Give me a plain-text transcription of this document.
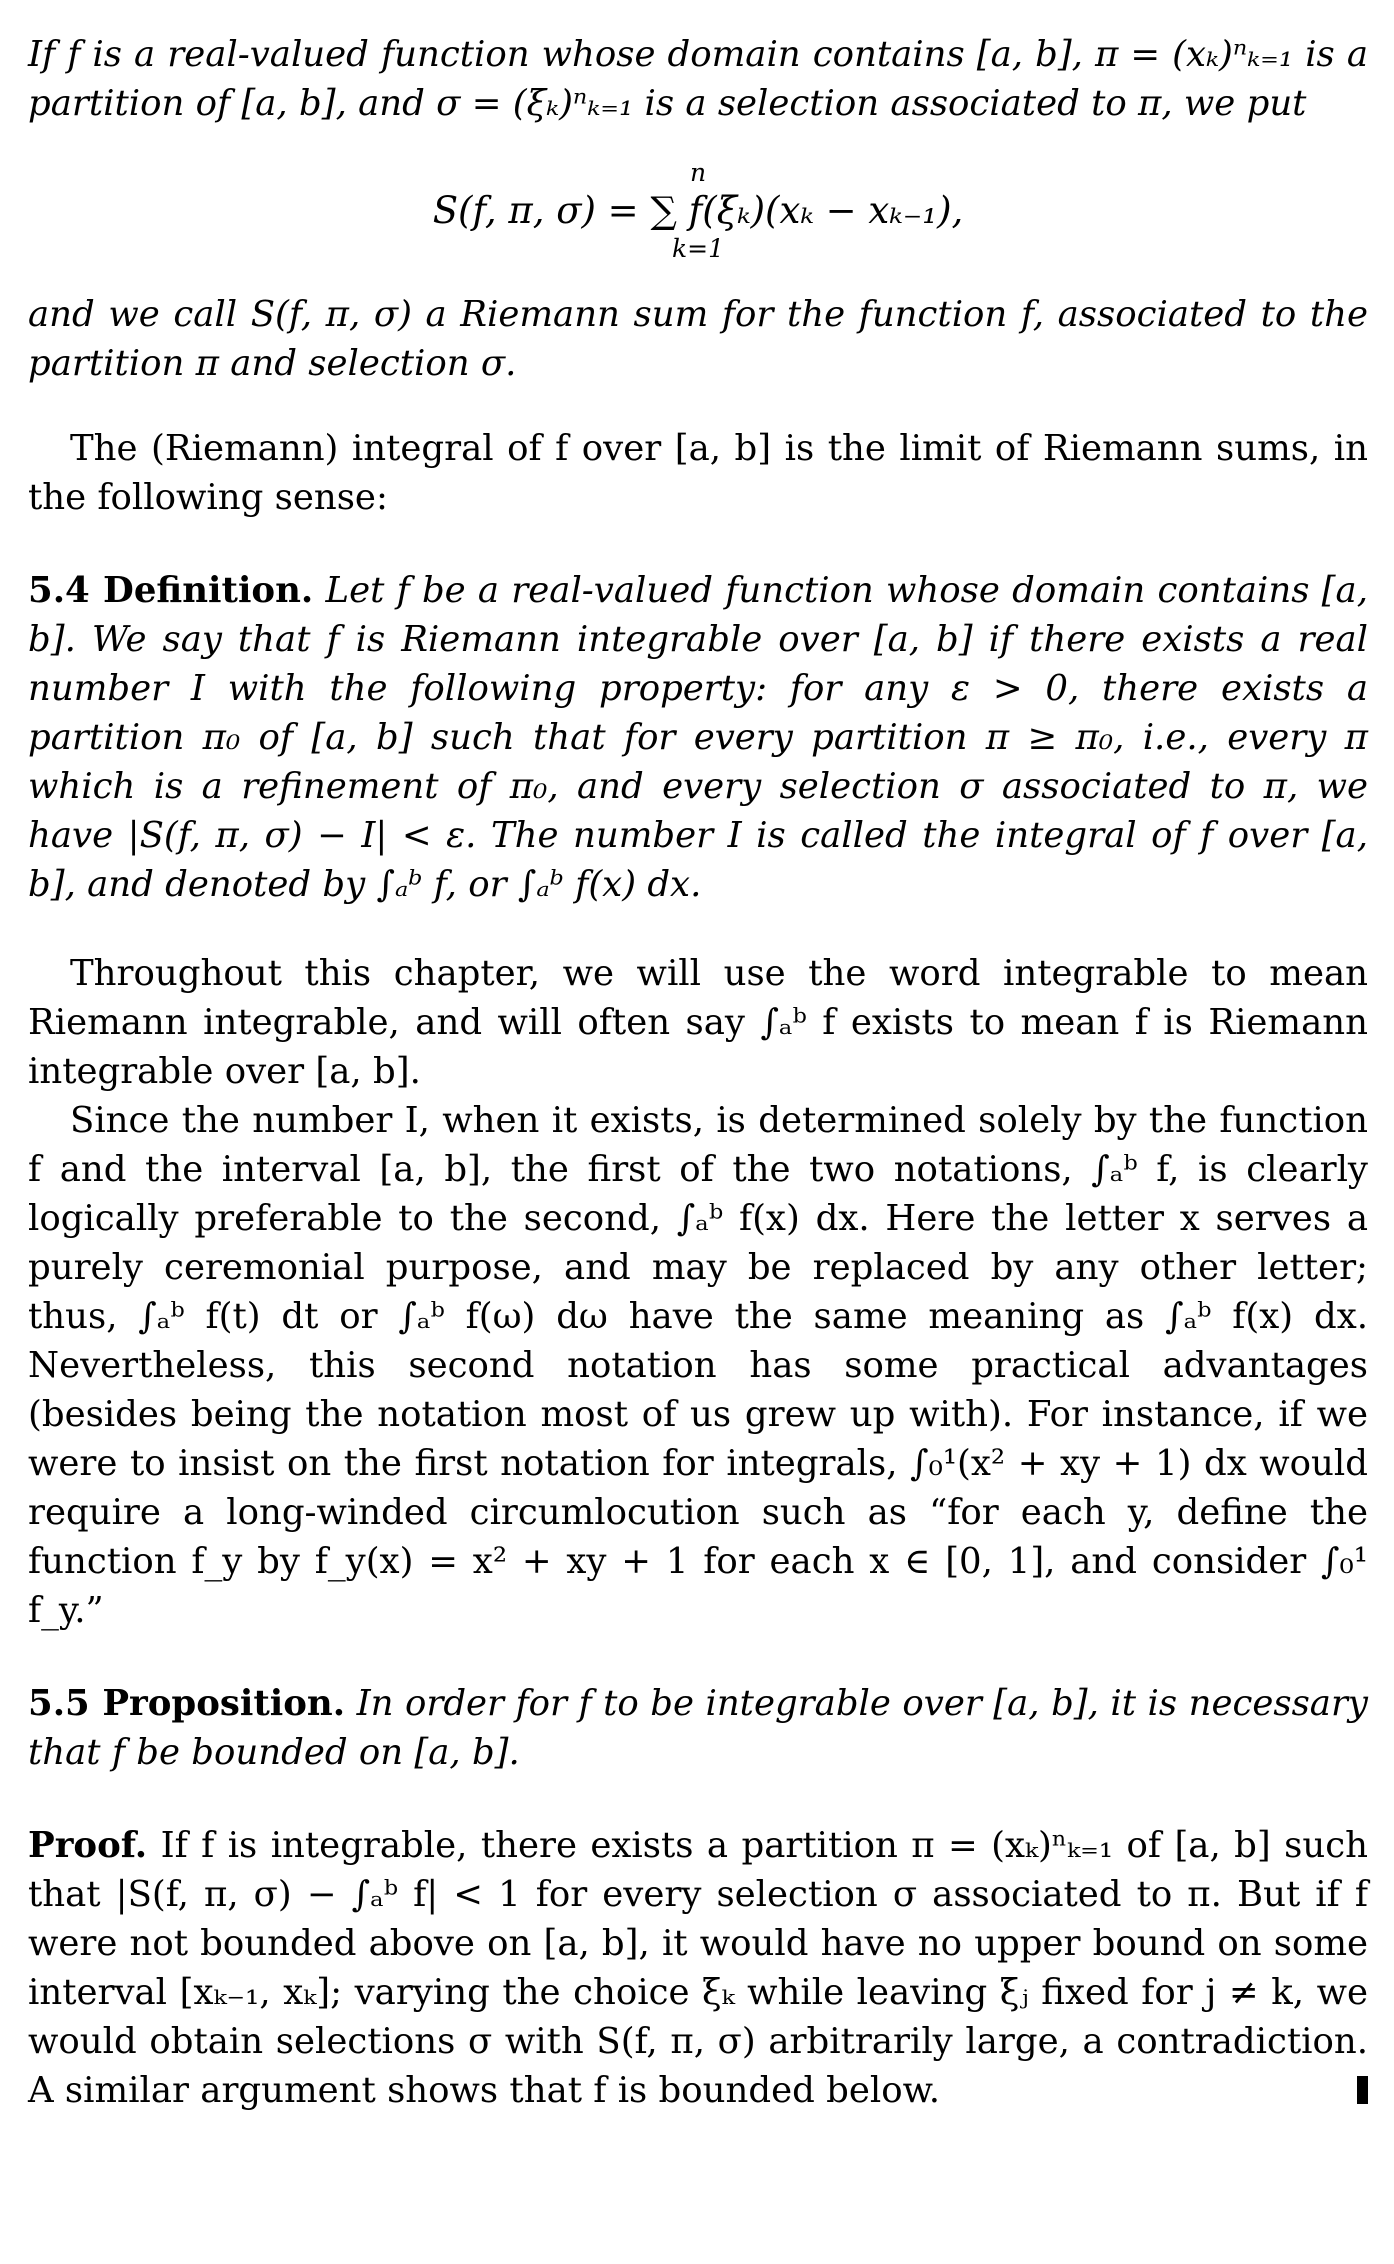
If f is a real-valued function whose domain contains [a, b], π = (xₖ)ⁿₖ₌₁ is a partition of [a, b], and σ = (ξₖ)ⁿₖ₌₁ is a selection associated to π, we put

n
S(f, π, σ) = ∑ f(ξₖ)(xₖ − xₖ₋₁),
k=1

and we call S(f, π, σ) a Riemann sum for the function f, associated to the partition π and selection σ.

The (Riemann) integral of f over [a, b] is the limit of Riemann sums, in the following sense:

5.4 Definition. Let f be a real-valued function whose domain contains [a, b]. We say that f is Riemann integrable over [a, b] if there exists a real number I with the following property: for any ε > 0, there exists a partition π₀ of [a, b] such that for every partition π ≥ π₀, i.e., every π which is a refinement of π₀, and every selection σ associated to π, we have |S(f, π, σ) − I| < ε. The number I is called the integral of f over [a, b], and denoted by ∫ₐᵇ f, or ∫ₐᵇ f(x) dx.

Throughout this chapter, we will use the word integrable to mean Riemann integrable, and will often say ∫ₐᵇ f exists to mean f is Riemann integrable over [a, b].

Since the number I, when it exists, is determined solely by the function f and the interval [a, b], the first of the two notations, ∫ₐᵇ f, is clearly logically preferable to the second, ∫ₐᵇ f(x) dx. Here the letter x serves a purely ceremonial purpose, and may be replaced by any other letter; thus, ∫ₐᵇ f(t) dt or ∫ₐᵇ f(ω) dω have the same meaning as ∫ₐᵇ f(x) dx. Nevertheless, this second notation has some practical advantages (besides being the notation most of us grew up with). For instance, if we were to insist on the first notation for integrals, ∫₀¹(x² + xy + 1) dx would require a long-winded circumlocution such as “for each y, define the function f_y by f_y(x) = x² + xy + 1 for each x ∈ [0, 1], and consider ∫₀¹ f_y.”

5.5 Proposition. In order for f to be integrable over [a, b], it is necessary that f be bounded on [a, b].

Proof. If f is integrable, there exists a partition π = (xₖ)ⁿₖ₌₁ of [a, b] such that |S(f, π, σ) − ∫ₐᵇ f| < 1 for every selection σ associated to π. But if f were not bounded above on [a, b], it would have no upper bound on some interval [xₖ₋₁, xₖ]; varying the choice ξₖ while leaving ξⱼ fixed for j ≠ k, we would obtain selections σ with S(f, π, σ) arbitrarily large, a contradiction. A similar argument shows that f is bounded below.
